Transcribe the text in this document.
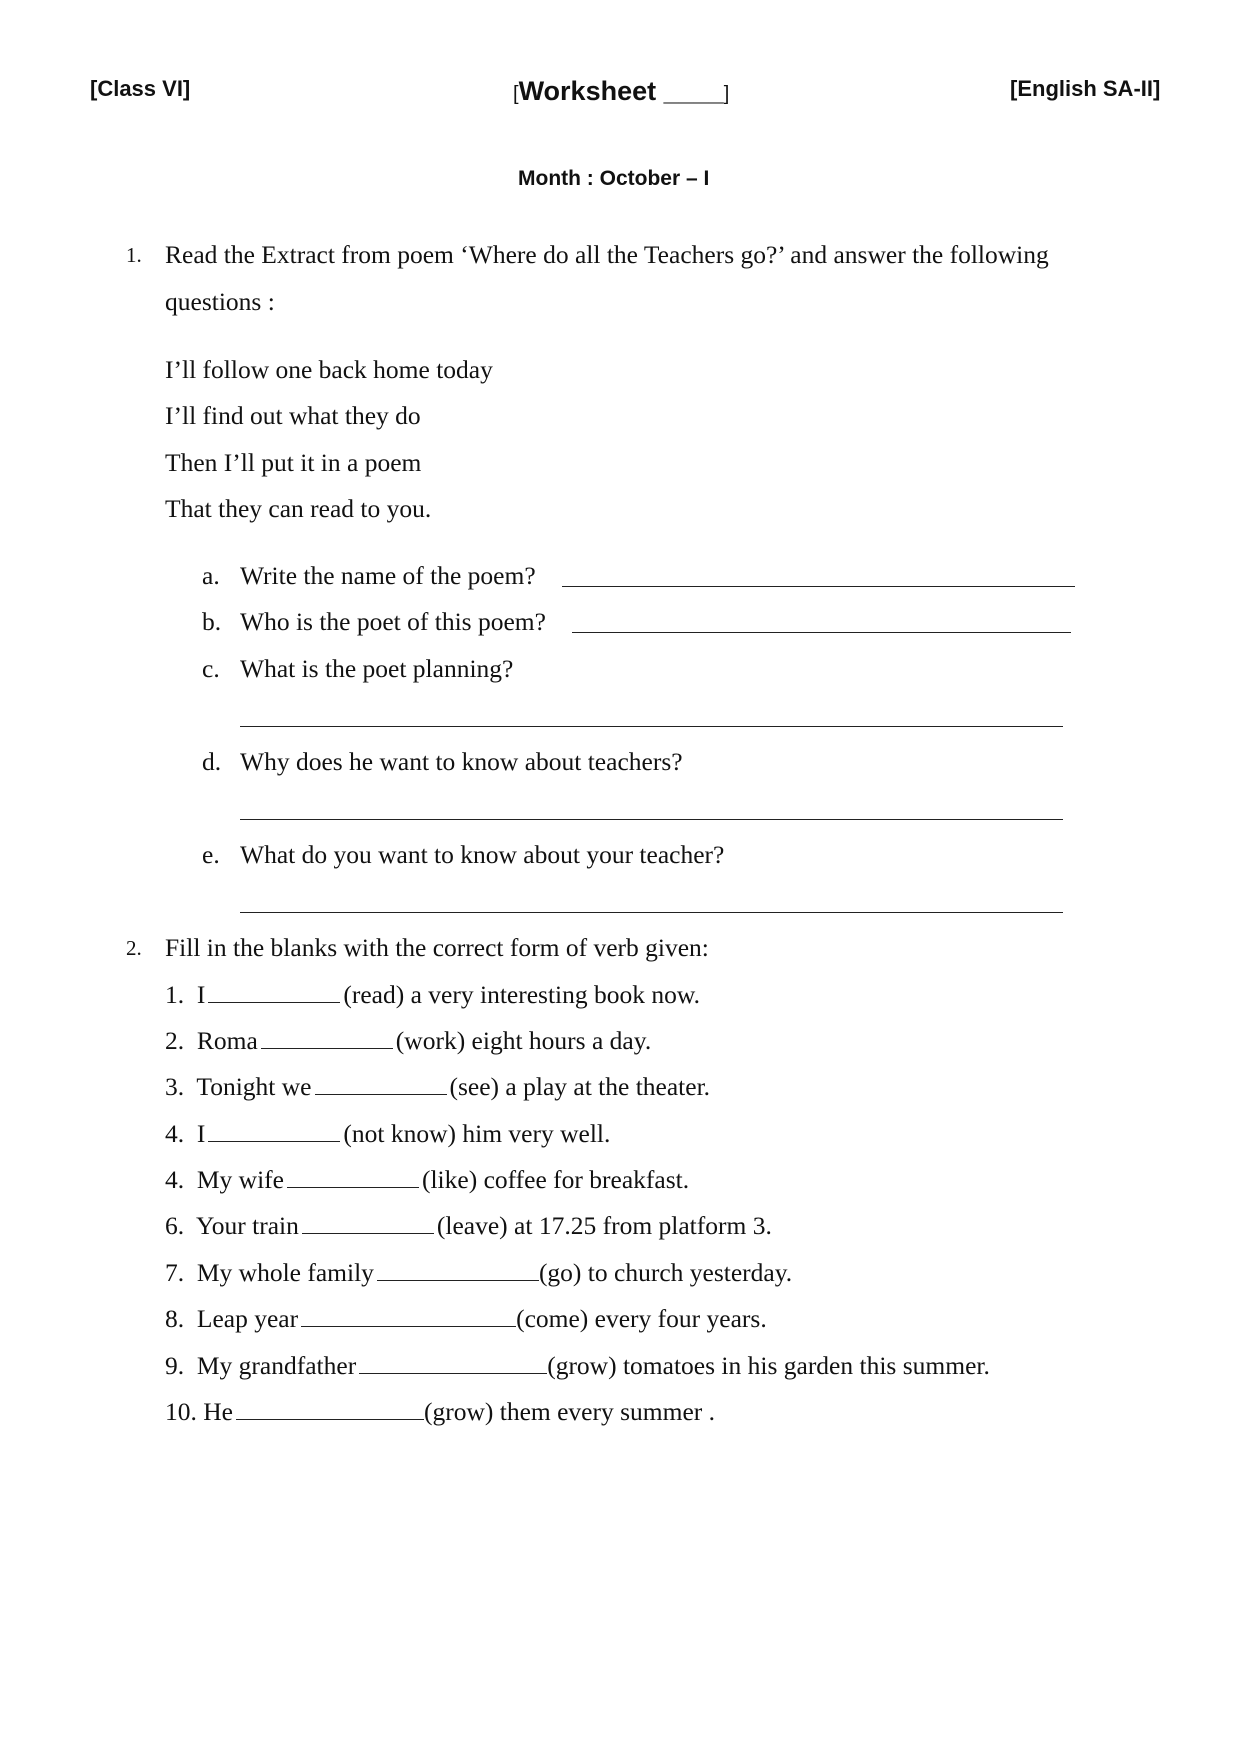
[Class VI]	[Worksheet ____]	[English SA-II]
Month : October – I
1. Read the Extract from poem ‘Where do all the Teachers go?’ and answer the following
questions :
I’ll follow one back home today
I’ll find out what they do
Then I’ll put it in a poem
That they can read to you.
a. Write the name of the poem?
b. Who is the poet of this poem?
c. What is the poet planning?
d. Why does he want to know about teachers?
e. What do you want to know about your teacher?
2. Fill in the blanks with the correct form of verb given:
1. I	(read) a very interesting book now.
2. Roma	(work) eight hours a day.
3. Tonight we	(see) a play at the theater.
4. I	(not know) him very well.
4. My wife	(like) coffee for breakfast.
6. Your train	(leave) at 17.25 from platform 3.
7. My whole family	(go) to church yesterday.
8. Leap year	(come) every four years.
9. My grandfather	(grow) tomatoes in his garden this summer.
10. He	(grow) them every summer .
